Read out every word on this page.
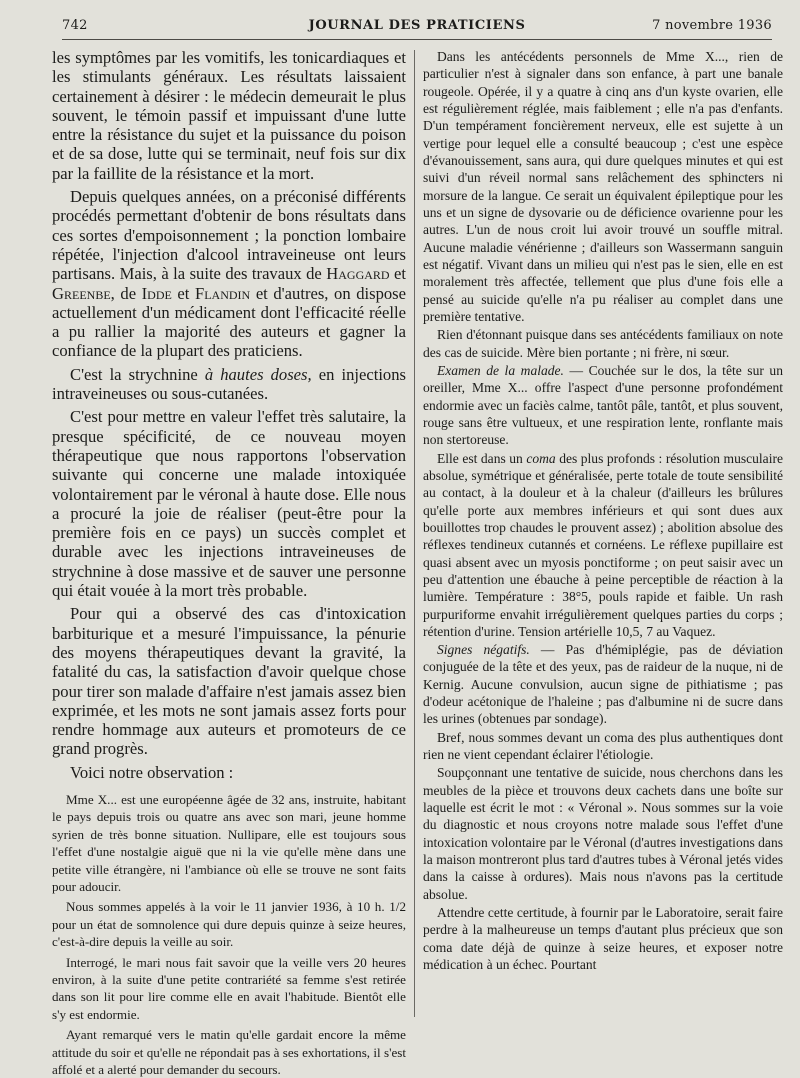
742	JOURNAL DES PRATICIENS	7 novembre 1936

les symptômes par les vomitifs, les tonicardiaques et les stimulants généraux. Les résultats laissaient certainement à désirer : le médecin demeurait le plus souvent, le témoin passif et impuissant d'une lutte entre la résistance du sujet et la puissance du poison et de sa dose, lutte qui se terminait, neuf fois sur dix par la faillite de la résistance et la mort.

Depuis quelques années, on a préconisé différents procédés permettant d'obtenir de bons résultats dans ces sortes d'empoisonnement ; la ponction lombaire répétée, l'injection d'alcool intraveineuse ont leurs partisans. Mais, à la suite des travaux de Haggard et Greenbe, de Idde et Flandin et d'autres, on dispose actuellement d'un médicament dont l'efficacité réelle a pu rallier la majorité des auteurs et gagner la confiance de la plupart des praticiens.

C'est la strychnine à hautes doses, en injections intraveineuses ou sous-cutanées.

C'est pour mettre en valeur l'effet très salutaire, la presque spécificité, de ce nouveau moyen thérapeutique que nous rapportons l'observation suivante qui concerne une malade intoxiquée volontairement par le véronal à haute dose. Elle nous a procuré la joie de réaliser (peut-être pour la première fois en ce pays) un succès complet et durable avec les injections intraveineuses de strychnine à dose massive et de sauver une personne qui était vouée à la mort très probable.

Pour qui a observé des cas d'intoxication barbiturique et a mesuré l'impuissance, la pénurie des moyens thérapeutiques devant la gravité, la fatalité du cas, la satisfaction d'avoir quelque chose pour tirer son malade d'affaire n'est jamais assez bien exprimée, et les mots ne sont jamais assez forts pour rendre hommage aux auteurs et promoteurs de ce grand progrès.

Voici notre observation :

Mme X... est une européenne âgée de 32 ans, instruite, habitant le pays depuis trois ou quatre ans avec son mari, jeune homme syrien de très bonne situation. Nullipare, elle est toujours sous l'effet d'une nostalgie aiguë que ni la vie qu'elle mène dans une petite ville étrangère, ni l'ambiance où elle se trouve ne sont faits pour adoucir.

Nous sommes appelés à la voir le 11 janvier 1936, à 10 h. 1/2 pour un état de somnolence qui dure depuis quinze à seize heures, c'est-à-dire depuis la veille au soir.

Interrogé, le mari nous fait savoir que la veille vers 20 heures environ, à la suite d'une petite contrariété sa femme s'est retirée dans son lit pour lire comme elle en avait l'habitude. Bientôt elle s'y est endormie.

Ayant remarqué vers le matin qu'elle gardait encore la même attitude du soir et qu'elle ne répondait pas à ses exhortations, il s'est affolé et a alerté pour demander du secours.

Dans les antécédents personnels de Mme X..., rien de particulier n'est à signaler dans son enfance, à part une banale rougeole. Opérée, il y a quatre à cinq ans d'un kyste ovarien, elle est régulièrement réglée, mais faiblement ; elle n'a pas d'enfants. D'un tempérament foncièrement nerveux, elle est sujette à un vertige pour lequel elle a consulté beaucoup ; c'est une espèce d'évanouissement, sans aura, qui dure quelques minutes et qui est suivi d'un réveil normal sans relâchement des sphincters ni morsure de la langue. Ce serait un équivalent épileptique pour les uns et un signe de dysovarie ou de déficience ovarienne pour les autres. L'un de nous croit lui avoir trouvé un souffle mitral. Aucune maladie vénérienne ; d'ailleurs son Wassermann sanguin est négatif. Vivant dans un milieu qui n'est pas le sien, elle en est moralement très affectée, tellement que plus d'une fois elle a pensé au suicide qu'elle n'a pu réaliser au complet dans une première tentative.

Rien d'étonnant puisque dans ses antécédents familiaux on note des cas de suicide. Mère bien portante ; ni frère, ni sœur.

Examen de la malade. — Couchée sur le dos, la tête sur un oreiller, Mme X... offre l'aspect d'une personne profondément endormie avec un faciès calme, tantôt pâle, tantôt, et plus souvent, rouge sans être vultueux, et une respiration lente, ronflante mais non stertoreuse.

Elle est dans un coma des plus profonds : résolution musculaire absolue, symétrique et généralisée, perte totale de toute sensibilité au contact, à la douleur et à la chaleur (d'ailleurs les brûlures qu'elle porte aux membres inférieurs et qui sont dues aux bouillottes trop chaudes le prouvent assez) ; abolition absolue des réflexes tendineux cutannés et cornéens. Le réflexe pupillaire est quasi absent avec un myosis ponctiforme ; on peut saisir avec un peu d'attention une ébauche à peine perceptible de réaction à la lumière. Température : 38°5, pouls rapide et faible. Un rash purpuriforme envahit irrégulièrement quelques parties du corps ; rétention d'urine. Tension artérielle 10,5, 7 au Vaquez.

Signes négatifs. — Pas d'hémiplégie, pas de déviation conjuguée de la tête et des yeux, pas de raideur de la nuque, ni de Kernig. Aucune convulsion, aucun signe de pithiatisme ; pas d'odeur acétonique de l'haleine ; pas d'albumine ni de sucre dans les urines (obtenues par sondage).

Bref, nous sommes devant un coma des plus authentiques dont rien ne vient cependant éclairer l'étiologie.

Soupçonnant une tentative de suicide, nous cherchons dans les meubles de la pièce et trouvons deux cachets dans une boîte sur laquelle est écrit le mot : « Véronal ». Nous sommes sur la voie du diagnostic et nous croyons notre malade sous l'effet d'une intoxication volontaire par le Véronal (d'autres investigations dans la maison montreront plus tard d'autres tubes à Véronal jetés vides dans la caisse à ordures). Mais nous n'avons pas la certitude absolue.

Attendre cette certitude, à fournir par le Laboratoire, serait faire perdre à la malheureuse un temps d'autant plus précieux que son coma date déjà de quinze à seize heures, et exposer notre médication à un échec. Pourtant
